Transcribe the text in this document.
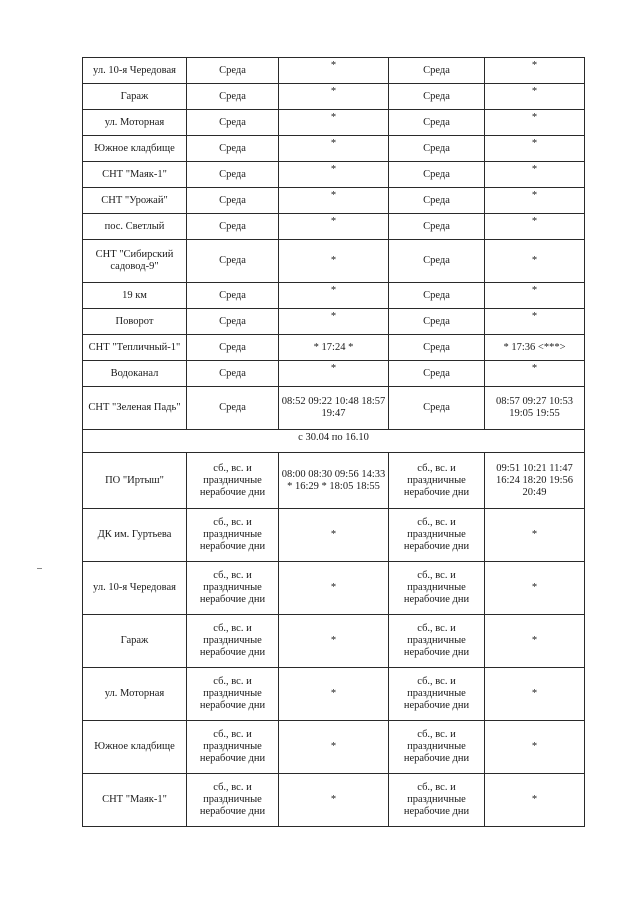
ул. 10-я Чередовая	Среда	*	Среда	*
Гараж	Среда	*	Среда	*
ул. Моторная	Среда	*	Среда	*
Южное кладбище	Среда	*	Среда	*
СНТ "Маяк-1"	Среда	*	Среда	*
СНТ "Урожай"	Среда	*	Среда	*
пос. Светлый	Среда	*	Среда	*
СНТ "Сибирский садовод-9"	Среда	*	Среда	*
19 км	Среда	*	Среда	*
Поворот	Среда	*	Среда	*
СНТ "Тепличный-1"	Среда	* 17:24 *	Среда	* 17:36 <***>
Водоканал	Среда	*	Среда	*
СНТ "Зеленая Падь"	Среда	08:52 09:22 10:48 18:57 19:47	Среда	08:57 09:27 10:53 19:05 19:55
с 30.04 по 16.10				
ПО "Иртыш"	сб., вс. и праздничные нерабочие дни	08:00 08:30 09:56 14:33 * 16:29 * 18:05 18:55	сб., вс. и праздничные нерабочие дни	09:51 10:21 11:47 16:24 18:20 19:56 20:49
ДК им. Гуртьева	сб., вс. и праздничные нерабочие дни	*	сб., вс. и праздничные нерабочие дни	*
ул. 10-я Чередовая	сб., вс. и праздничные нерабочие дни	*	сб., вс. и праздничные нерабочие дни	*
Гараж	сб., вс. и праздничные нерабочие дни	*	сб., вс. и праздничные нерабочие дни	*
ул. Моторная	сб., вс. и праздничные нерабочие дни	*	сб., вс. и праздничные нерабочие дни	*
Южное кладбище	сб., вс. и праздничные нерабочие дни	*	сб., вс. и праздничные нерабочие дни	*
СНТ "Маяк-1"	сб., вс. и праздничные нерабочие дни	*	сб., вс. и праздничные нерабочие дни	*
